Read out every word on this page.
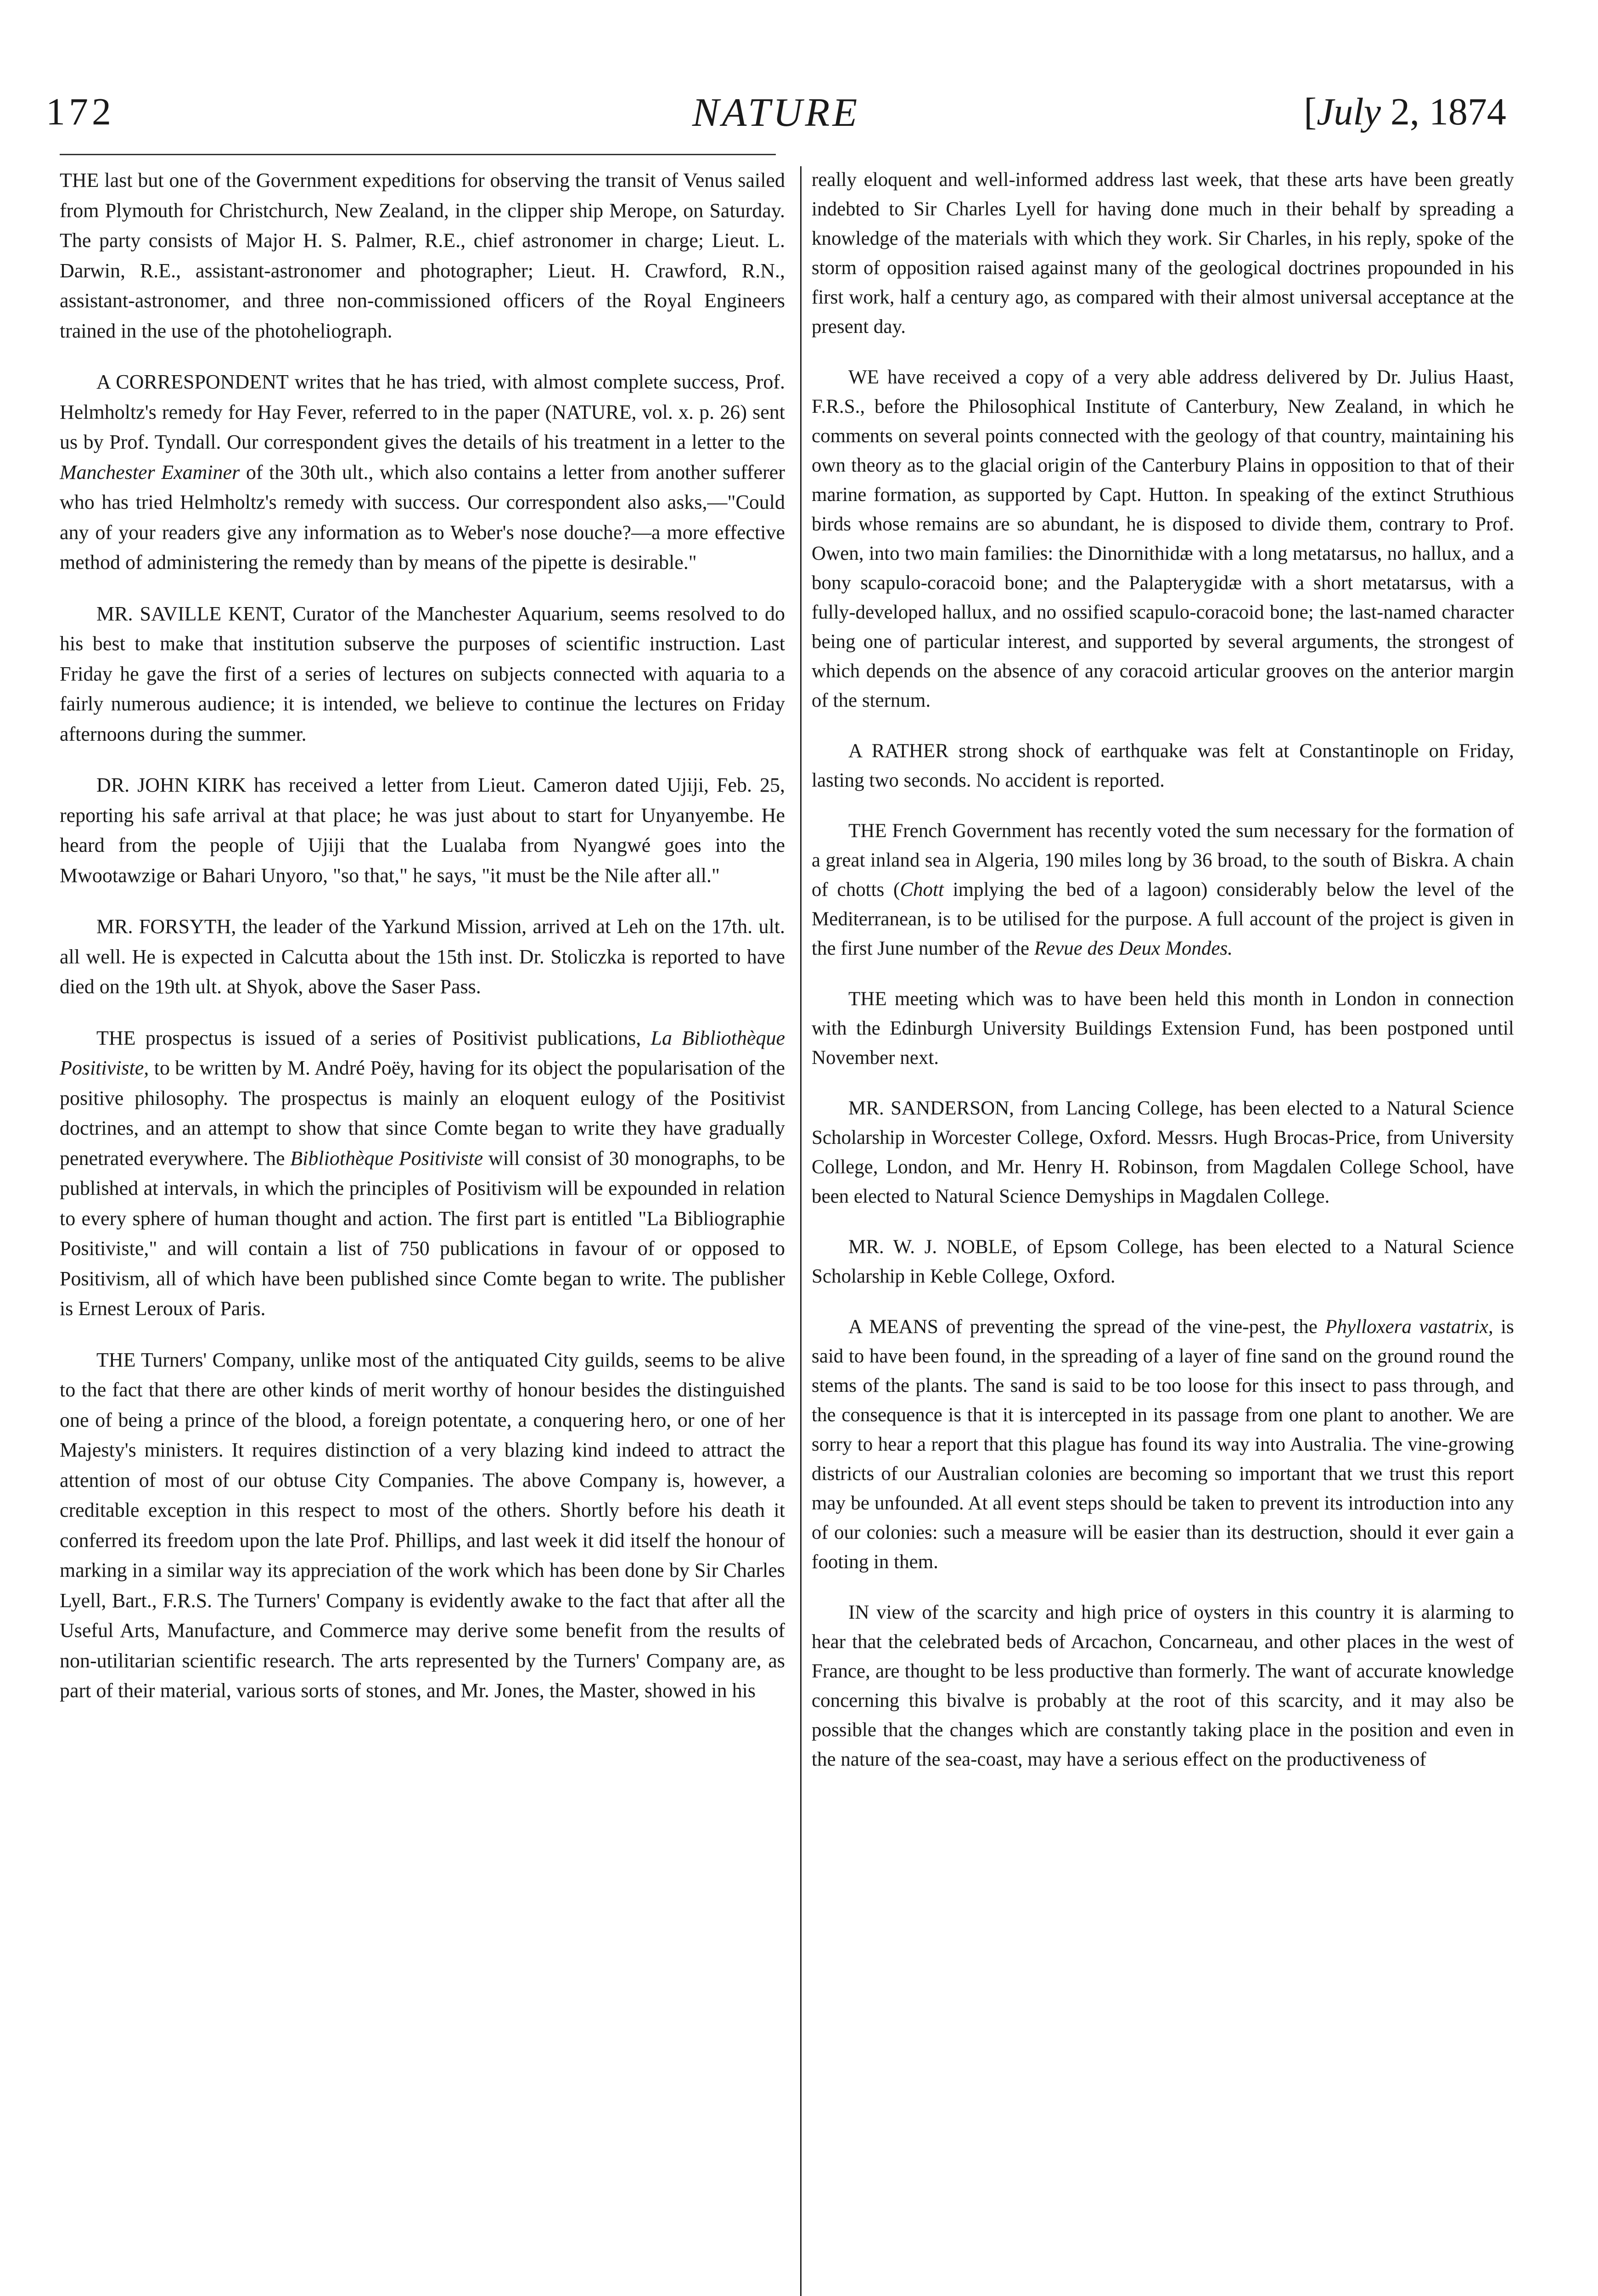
172	NATURE	[July 2, 1874

THE last but one of the Government expeditions for observing the transit of Venus sailed from Plymouth for Christchurch, New Zealand, in the clipper ship Merope, on Saturday. The party consists of Major H. S. Palmer, R.E., chief astronomer in charge; Lieut. L. Darwin, R.E., assistant-astronomer and photographer; Lieut. H. Crawford, R.N., assistant-astronomer, and three non-commissioned officers of the Royal Engineers trained in the use of the photoheliograph.

A CORRESPONDENT writes that he has tried, with almost complete success, Prof. Helmholtz's remedy for Hay Fever, referred to in the paper (NATURE, vol. x. p. 26) sent us by Prof. Tyndall. Our correspondent gives the details of his treatment in a letter to the Manchester Examiner of the 30th ult., which also contains a letter from another sufferer who has tried Helmholtz's remedy with success. Our correspondent also asks,—"Could any of your readers give any information as to Weber's nose douche?—a more effective method of administering the remedy than by means of the pipette is desirable."

MR. SAVILLE KENT, Curator of the Manchester Aquarium, seems resolved to do his best to make that institution subserve the purposes of scientific instruction. Last Friday he gave the first of a series of lectures on subjects connected with aquaria to a fairly numerous audience; it is intended, we believe to continue the lectures on Friday afternoons during the summer.

DR. JOHN KIRK has received a letter from Lieut. Cameron dated Ujiji, Feb. 25, reporting his safe arrival at that place; he was just about to start for Unyanyembe. He heard from the people of Ujiji that the Lualaba from Nyangwé goes into the Mwootawzige or Bahari Unyoro, "so that," he says, "it must be the Nile after all."

MR. FORSYTH, the leader of the Yarkund Mission, arrived at Leh on the 17th. ult. all well. He is expected in Calcutta about the 15th inst. Dr. Stoliczka is reported to have died on the 19th ult. at Shyok, above the Saser Pass.

THE prospectus is issued of a series of Positivist publications, La Bibliothèque Positiviste, to be written by M. André Poëy, having for its object the popularisation of the positive philosophy. The prospectus is mainly an eloquent eulogy of the Positivist doctrines, and an attempt to show that since Comte began to write they have gradually penetrated everywhere. The Bibliothèque Positiviste will consist of 30 monographs, to be published at intervals, in which the principles of Positivism will be expounded in relation to every sphere of human thought and action. The first part is entitled "La Bibliographie Positiviste," and will contain a list of 750 publications in favour of or opposed to Positivism, all of which have been published since Comte began to write. The publisher is Ernest Leroux of Paris.

THE Turners' Company, unlike most of the antiquated City guilds, seems to be alive to the fact that there are other kinds of merit worthy of honour besides the distinguished one of being a prince of the blood, a foreign potentate, a conquering hero, or one of her Majesty's ministers. It requires distinction of a very blazing kind indeed to attract the attention of most of our obtuse City Companies. The above Company is, however, a creditable exception in this respect to most of the others. Shortly before his death it conferred its freedom upon the late Prof. Phillips, and last week it did itself the honour of marking in a similar way its appreciation of the work which has been done by Sir Charles Lyell, Bart., F.R.S. The Turners' Company is evidently awake to the fact that after all the Useful Arts, Manufacture, and Commerce may derive some benefit from the results of non-utilitarian scientific research. The arts represented by the Turners' Company are, as part of their material, various sorts of stones, and Mr. Jones, the Master, showed in his

really eloquent and well-informed address last week, that these arts have been greatly indebted to Sir Charles Lyell for having done much in their behalf by spreading a knowledge of the materials with which they work. Sir Charles, in his reply, spoke of the storm of opposition raised against many of the geological doctrines propounded in his first work, half a century ago, as compared with their almost universal acceptance at the present day.

WE have received a copy of a very able address delivered by Dr. Julius Haast, F.R.S., before the Philosophical Institute of Canterbury, New Zealand, in which he comments on several points connected with the geology of that country, maintaining his own theory as to the glacial origin of the Canterbury Plains in opposition to that of their marine formation, as supported by Capt. Hutton. In speaking of the extinct Struthious birds whose remains are so abundant, he is disposed to divide them, contrary to Prof. Owen, into two main families: the Dinornithidæ with a long metatarsus, no hallux, and a bony scapulo-coracoid bone; and the Palapterygidæ with a short metatarsus, with a fully-developed hallux, and no ossified scapulo-coracoid bone; the last-named character being one of particular interest, and supported by several arguments, the strongest of which depends on the absence of any coracoid articular grooves on the anterior margin of the sternum.

A RATHER strong shock of earthquake was felt at Constantinople on Friday, lasting two seconds. No accident is reported.

THE French Government has recently voted the sum necessary for the formation of a great inland sea in Algeria, 190 miles long by 36 broad, to the south of Biskra. A chain of chotts (Chott implying the bed of a lagoon) considerably below the level of the Mediterranean, is to be utilised for the purpose. A full account of the project is given in the first June number of the Revue des Deux Mondes.

THE meeting which was to have been held this month in London in connection with the Edinburgh University Buildings Extension Fund, has been postponed until November next.

MR. SANDERSON, from Lancing College, has been elected to a Natural Science Scholarship in Worcester College, Oxford. Messrs. Hugh Brocas-Price, from University College, London, and Mr. Henry H. Robinson, from Magdalen College School, have been elected to Natural Science Demyships in Magdalen College.

MR. W. J. NOBLE, of Epsom College, has been elected to a Natural Science Scholarship in Keble College, Oxford.

A MEANS of preventing the spread of the vine-pest, the Phylloxera vastatrix, is said to have been found, in the spreading of a layer of fine sand on the ground round the stems of the plants. The sand is said to be too loose for this insect to pass through, and the consequence is that it is intercepted in its passage from one plant to another. We are sorry to hear a report that this plague has found its way into Australia. The vine-growing districts of our Australian colonies are becoming so important that we trust this report may be unfounded. At all event steps should be taken to prevent its introduction into any of our colonies: such a measure will be easier than its destruction, should it ever gain a footing in them.

IN view of the scarcity and high price of oysters in this country it is alarming to hear that the celebrated beds of Arcachon, Concarneau, and other places in the west of France, are thought to be less productive than formerly. The want of accurate knowledge concerning this bivalve is probably at the root of this scarcity, and it may also be possible that the changes which are constantly taking place in the position and even in the nature of the sea-coast, may have a serious effect on the productiveness of
